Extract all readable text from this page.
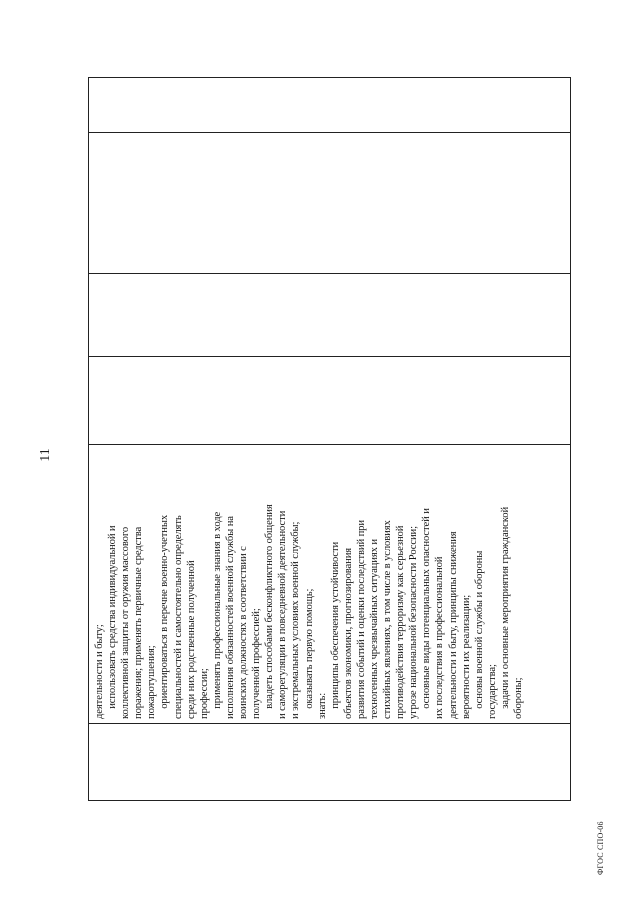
11

деятельности и быту; использовать средства индивидуальной и коллективной защиты от оружия массового поражения; применять первичные средства пожаротушения; ориентироваться в перечне военно-учетных специальностей и самостоятельно определять среди них родственные полученной профессии; применять профессиональные знания в ходе исполнения обязанностей военной службы на воинских должностях в соответствии с полученной профессией; владеть способами бесконфликтного общения и саморегуляции в повседневной деятельности и экстремальных условиях военной службы; оказывать первую помощь; знать: принципы обеспечения устойчивости объектов экономики, прогнозирования развития событий и оценки последствий при техногенных чрезвычайных ситуациях и стихийных явлениях, в том числе в условиях противодействия терроризму как серьезной угрозе национальной безопасности России; основные виды потенциальных опасностей и их последствия в профессиональной деятельности и быту, принципы снижения вероятности их реализации; основы военной службы и обороны государства; задачи и основные мероприятия гражданской обороны;

ФГОС СПО-06
